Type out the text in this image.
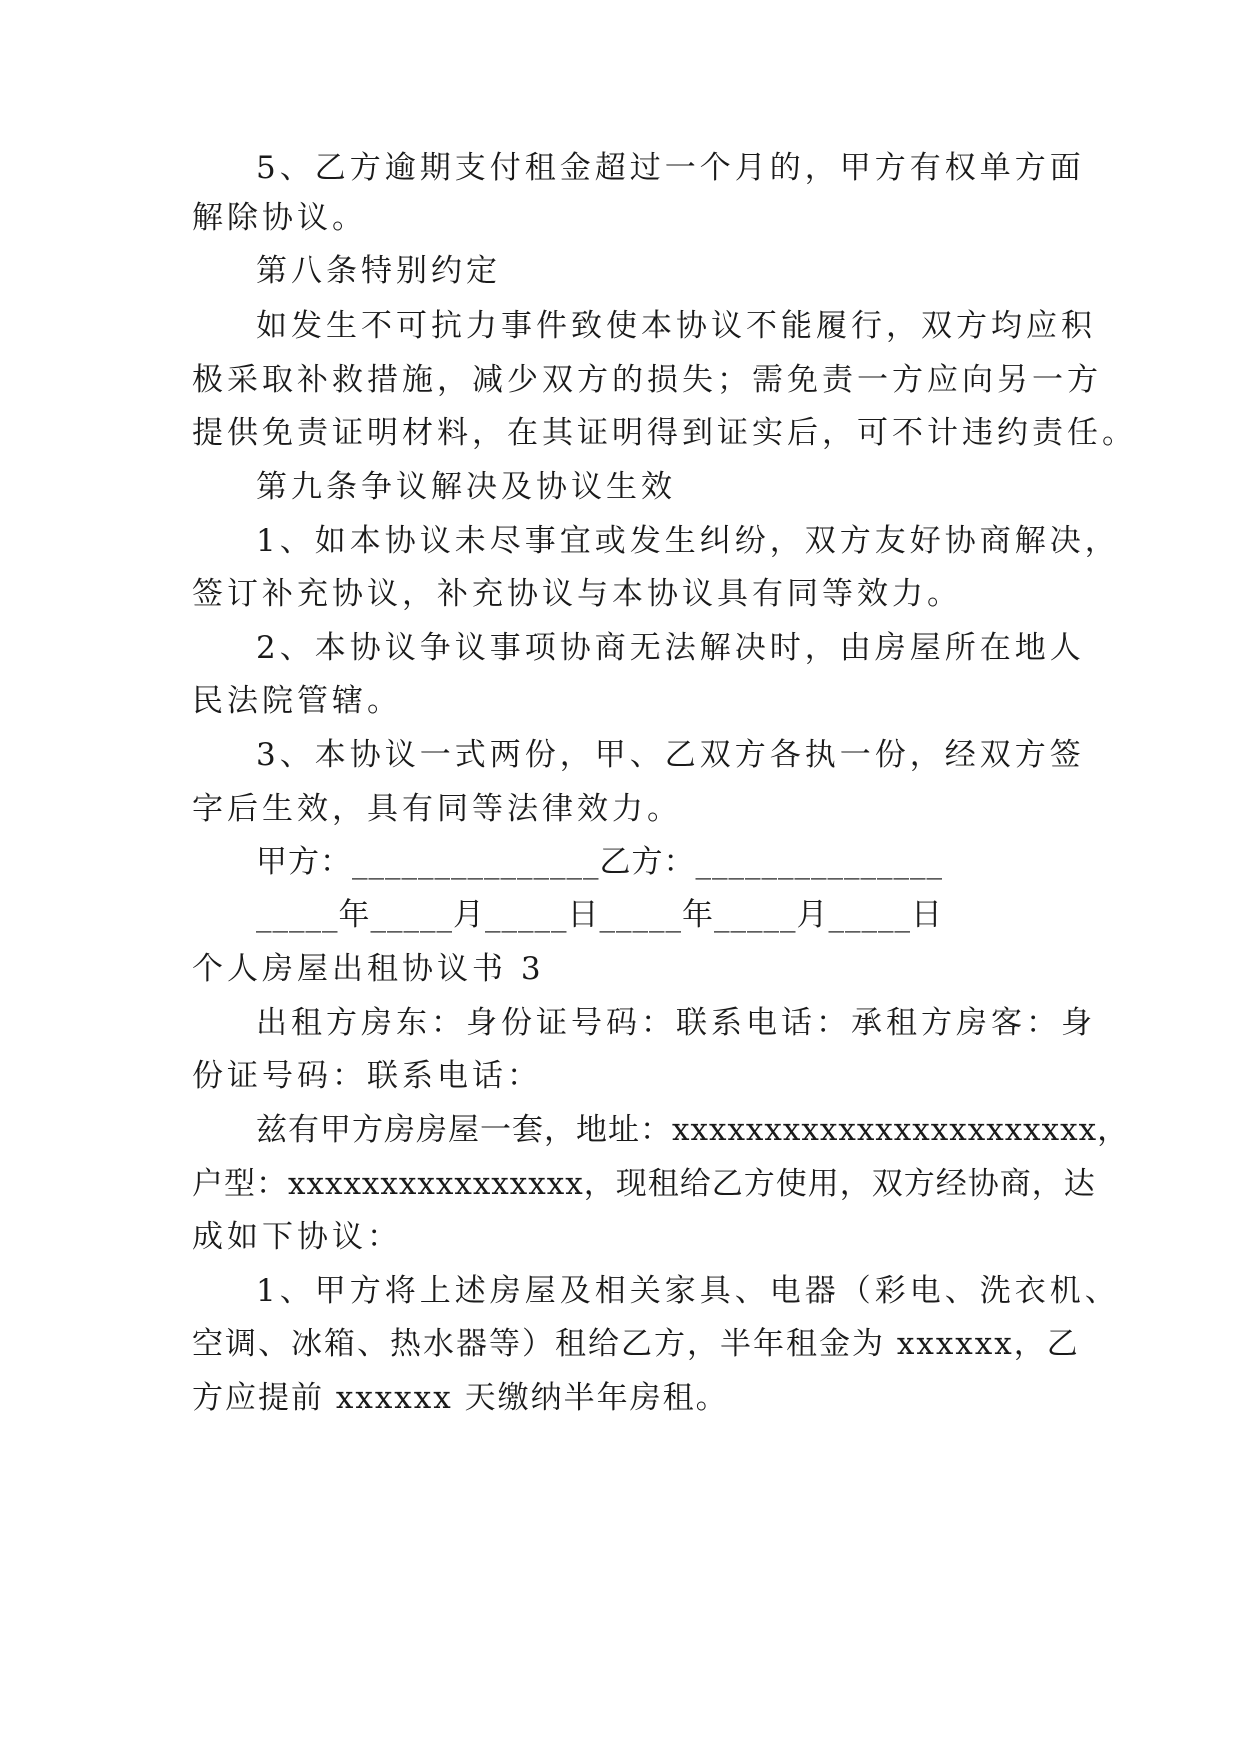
5、乙方逾期支付租金超过一个月的，甲方有权单方面
解除协议。
第八条特别约定
如发生不可抗力事件致使本协议不能履行，双方均应积
极采取补救措施，减少双方的损失；需免责一方应向另一方
提供免责证明材料，在其证明得到证实后，可不计违约责任。
第九条争议解决及协议生效
1、如本协议未尽事宜或发生纠纷，双方友好协商解决，
签订补充协议，补充协议与本协议具有同等效力。
2、本协议争议事项协商无法解决时，由房屋所在地人
民法院管辖。
3、本协议一式两份，甲、乙双方各执一份，经双方签
字后生效，具有同等法律效力。
甲方：_______________乙方：_______________
_____年_____月_____日_____年_____月_____日
个人房屋出租协议书 3
出租方房东：身份证号码：联系电话：承租方房客：身
份证号码：联系电话：
兹有甲方房房屋一套，地址：xxxxxxxxxxxxxxxxxxxxxxx，
户型：xxxxxxxxxxxxxxxx，现租给乙方使用，双方经协商，达
成如下协议：
1、甲方将上述房屋及相关家具、电器（彩电、洗衣机、
空调、冰箱、热水器等）租给乙方，半年租金为 xxxxxx，乙
方应提前 xxxxxx 天缴纳半年房租。
